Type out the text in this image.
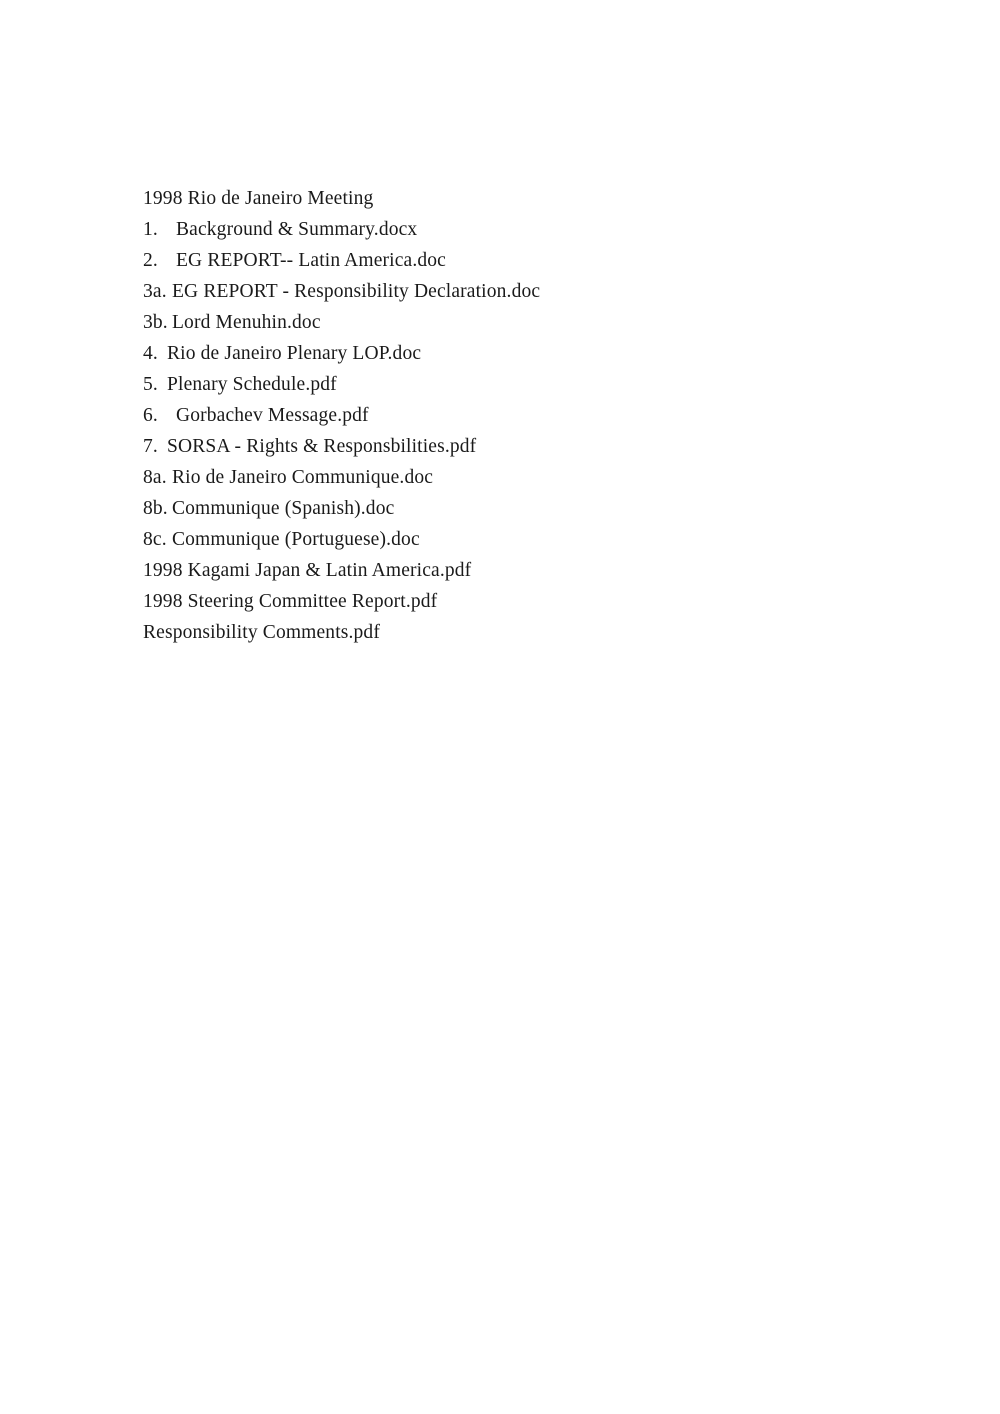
1998 Rio de Janeiro Meeting
1. Background & Summary.docx
2. EG REPORT-- Latin America.doc
3a. EG REPORT - Responsibility Declaration.doc
3b. Lord Menuhin.doc
4. Rio de Janeiro Plenary LOP.doc
5. Plenary Schedule.pdf
6. Gorbachev Message.pdf
7. SORSA - Rights & Responsbilities.pdf
8a. Rio de Janeiro Communique.doc
8b. Communique (Spanish).doc
8c. Communique (Portuguese).doc
1998 Kagami Japan & Latin America.pdf
1998 Steering Committee Report.pdf
Responsibility Comments.pdf
